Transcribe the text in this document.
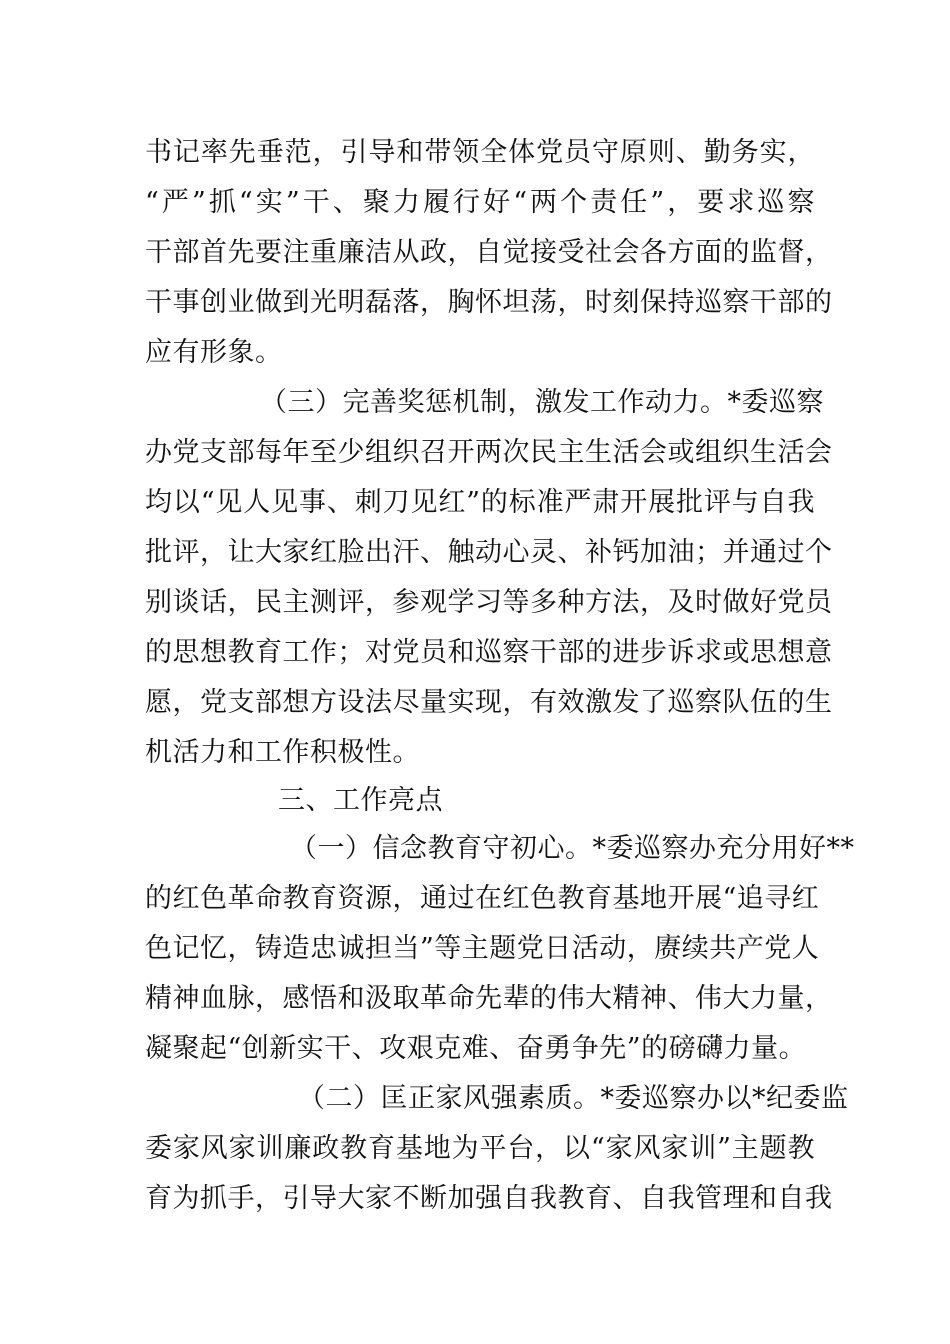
书记率先垂范，引导和带领全体党员守原则、勤务实，
“严”抓“实”干、聚力履行好“两个责任”，要求巡察
干部首先要注重廉洁从政，自觉接受社会各方面的监督，
干事创业做到光明磊落，胸怀坦荡，时刻保持巡察干部的
应有形象。
（三）完善奖惩机制，激发工作动力。*委巡察
办党支部每年至少组织召开两次民主生活会或组织生活会
均以“见人见事、刺刀见红”的标准严肃开展批评与自我
批评，让大家红脸出汗、触动心灵、补钙加油；并通过个
别谈话，民主测评，参观学习等多种方法，及时做好党员
的思想教育工作；对党员和巡察干部的进步诉求或思想意
愿，党支部想方设法尽量实现，有效激发了巡察队伍的生
机活力和工作积极性。
三、工作亮点
（一）信念教育守初心。*委巡察办充分用好**
的红色革命教育资源，通过在红色教育基地开展“追寻红
色记忆，铸造忠诚担当”等主题党日活动，赓续共产党人
精神血脉，感悟和汲取革命先辈的伟大精神、伟大力量，
凝聚起“创新实干、攻艰克难、奋勇争先”的磅礴力量。
（二）匡正家风强素质。*委巡察办以*纪委监
委家风家训廉政教育基地为平台，以“家风家训”主题教
育为抓手，引导大家不断加强自我教育、自我管理和自我
